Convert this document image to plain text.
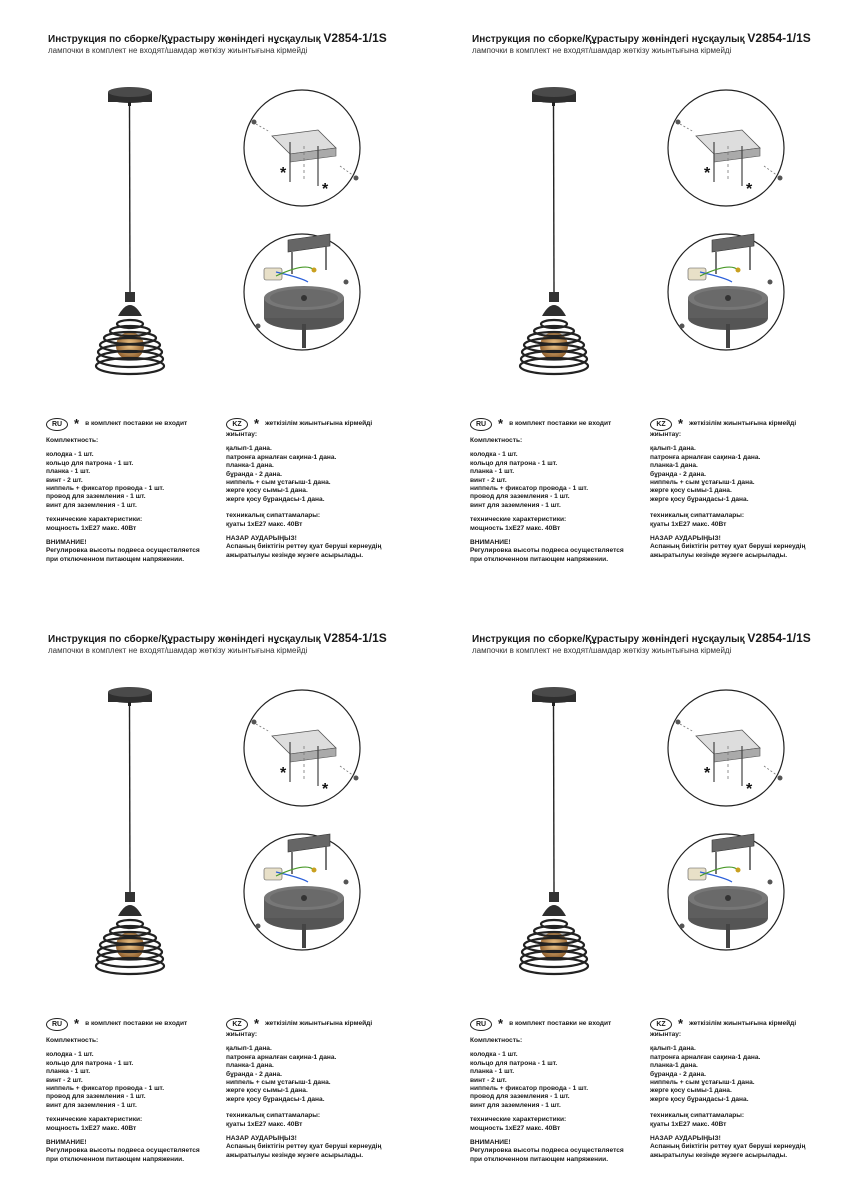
Инструкция по сборке/Құрастыру жөніндегі нұсқаулық V2854-1/1S
лампочки в комплект не входят/шамдар жөткізу жиынтығына кірмейді
*
*
RU * в комплект поставки не входит
Комплектность:
колодка - 1 шт.
кольцо для патрона - 1 шт.
планка - 1 шт.
винт - 2 шт.
ниппель + фиксатор провода - 1 шт.
провод для заземления - 1 шт.
винт для заземления - 1 шт.
технические характеристики:
мощность 1xE27 макс. 40Вт
ВНИМАНИЕ!
Регулировка высоты подвеса осуществляется
при отключенном питающем напряжении.
KZ * жеткізілім жиынтығына кірмейді
жиынтау:
қалып-1 дана.
патронға арналған сақина-1 дана.
планка-1 дана.
бұранда - 2 дана.
ниппель + сым ұстағыш-1 дана.
жерге қосу сымы-1 дана.
жерге қосу бұрандасы-1 дана.
техникалық сипаттамалары:
қуаты 1xE27 макс. 40Вт
НАЗАР АУДАРЫҢЫЗ!
Аспаның биіктігін реттеу қуат беруші кернеудің
ажыратылуы кезінде жүзеге асырылады.
Инструкция по сборке/Құрастыру жөніндегі нұсқаулық V2854-1/1S
лампочки в комплект не входят/шамдар жөткізу жиынтығына кірмейді
*
*
RU * в комплект поставки не входит
Комплектность:
колодка - 1 шт.
кольцо для патрона - 1 шт.
планка - 1 шт.
винт - 2 шт.
ниппель + фиксатор провода - 1 шт.
провод для заземления - 1 шт.
винт для заземления - 1 шт.
технические характеристики:
мощность 1xE27 макс. 40Вт
ВНИМАНИЕ!
Регулировка высоты подвеса осуществляется
при отключенном питающем напряжении.
KZ * жеткізілім жиынтығына кірмейді
жиынтау:
қалып-1 дана.
патронға арналған сақина-1 дана.
планка-1 дана.
бұранда - 2 дана.
ниппель + сым ұстағыш-1 дана.
жерге қосу сымы-1 дана.
жерге қосу бұрандасы-1 дана.
техникалық сипаттамалары:
қуаты 1xE27 макс. 40Вт
НАЗАР АУДАРЫҢЫЗ!
Аспаның биіктігін реттеу қуат беруші кернеудің
ажыратылуы кезінде жүзеге асырылады.
Инструкция по сборке/Құрастыру жөніндегі нұсқаулық V2854-1/1S
лампочки в комплект не входят/шамдар жөткізу жиынтығына кірмейді
*
*
RU * в комплект поставки не входит
Комплектность:
колодка - 1 шт.
кольцо для патрона - 1 шт.
планка - 1 шт.
винт - 2 шт.
ниппель + фиксатор провода - 1 шт.
провод для заземления - 1 шт.
винт для заземления - 1 шт.
технические характеристики:
мощность 1xE27 макс. 40Вт
ВНИМАНИЕ!
Регулировка высоты подвеса осуществляется
при отключенном питающем напряжении.
KZ * жеткізілім жиынтығына кірмейді
жиынтау:
қалып-1 дана.
патронға арналған сақина-1 дана.
планка-1 дана.
бұранда - 2 дана.
ниппель + сым ұстағыш-1 дана.
жерге қосу сымы-1 дана.
жерге қосу бұрандасы-1 дана.
техникалық сипаттамалары:
қуаты 1xE27 макс. 40Вт
НАЗАР АУДАРЫҢЫЗ!
Аспаның биіктігін реттеу қуат беруші кернеудің
ажыратылуы кезінде жүзеге асырылады.
Инструкция по сборке/Құрастыру жөніндегі нұсқаулық V2854-1/1S
лампочки в комплект не входят/шамдар жөткізу жиынтығына кірмейді
*
*
RU * в комплект поставки не входит
Комплектность:
колодка - 1 шт.
кольцо для патрона - 1 шт.
планка - 1 шт.
винт - 2 шт.
ниппель + фиксатор провода - 1 шт.
провод для заземления - 1 шт.
винт для заземления - 1 шт.
технические характеристики:
мощность 1xE27 макс. 40Вт
ВНИМАНИЕ!
Регулировка высоты подвеса осуществляется
при отключенном питающем напряжении.
KZ * жеткізілім жиынтығына кірмейді
жиынтау:
қалып-1 дана.
патронға арналған сақина-1 дана.
планка-1 дана.
бұранда - 2 дана.
ниппель + сым ұстағыш-1 дана.
жерге қосу сымы-1 дана.
жерге қосу бұрандасы-1 дана.
техникалық сипаттамалары:
қуаты 1xE27 макс. 40Вт
НАЗАР АУДАРЫҢЫЗ!
Аспаның биіктігін реттеу қуат беруші кернеудің
ажыратылуы кезінде жүзеге асырылады.
